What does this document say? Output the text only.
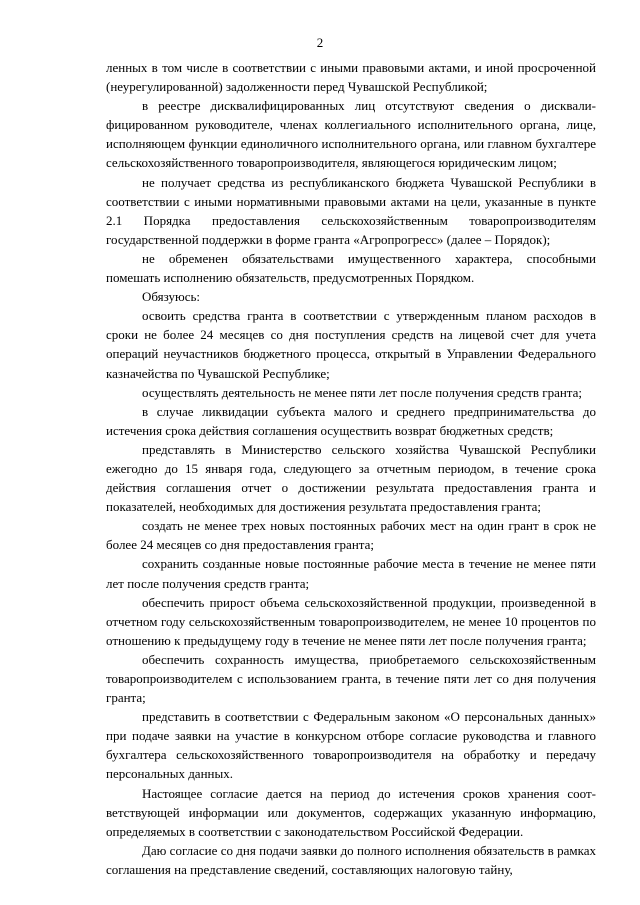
2

ленных в том числе в соответствии с иными правовыми актами, и иной просроченной (неурегулированной) задолженности перед Чувашской Республикой;

в реестре дисквалифицированных лиц отсутствуют сведения о дисквалифицированном руководителе, членах коллегиального исполнительного органа, лице, исполняющем функции единоличного исполнительного органа, или главном бухгалтере сельскохозяйственного товаропроизводителя, являющегося юридическим лицом;

не получает средства из республиканского бюджета Чувашской Республики в соответствии с иными нормативными правовыми актами на цели, указанные в пункте 2.1 Порядка предоставления сельскохозяйственным товаропроизводителям государственной поддержки в форме гранта «Агропрогресс» (далее – Порядок);

не обременен обязательствами имущественного характера, способными помешать исполнению обязательств, предусмотренных Порядком.

Обязуюсь:

освоить средства гранта в соответствии с утвержденным планом расходов в сроки не более 24 месяцев со дня поступления средств на лицевой счет для учета операций неучастников бюджетного процесса, открытый в Управлении Федерального казначейства по Чувашской Республике;

осуществлять деятельность не менее пяти лет после получения средств гранта;

в случае ликвидации субъекта малого и среднего предпринимательства до истечения срока действия соглашения осуществить возврат бюджетных средств;

представлять в Министерство сельского хозяйства Чувашской Республики ежегодно до 15 января года, следующего за отчетным периодом, в течение срока действия соглашения отчет о достижении результата предоставления гранта и показателей, необходимых для достижения результата предоставления гранта;

создать не менее трех новых постоянных рабочих мест на один грант в срок не более 24 месяцев со дня предоставления гранта;

сохранить созданные новые постоянные рабочие места в течение не менее пяти лет после получения средств гранта;

обеспечить прирост объема сельскохозяйственной продукции, произведенной в отчетном году сельскохозяйственным товаропроизводителем, не менее 10 процентов по отношению к предыдущему году в течение не менее пяти лет после получения гранта;

обеспечить сохранность имущества, приобретаемого сельскохозяйственным товаропроизводителем с использованием гранта, в течение пяти лет со дня получения гранта;

представить в соответствии с Федеральным законом «О персональных данных» при подаче заявки на участие в конкурсном отборе согласие руководства и главного бухгалтера сельскохозяйственного товаропроизводителя на обработку и передачу персональных данных.

Настоящее согласие дается на период до истечения сроков хранения соответствующей информации или документов, содержащих указанную информацию, определяемых в соответствии с законодательством Российской Федерации.

Даю согласие со дня подачи заявки до полного исполнения обязательств в рамках соглашения на представление сведений, составляющих налоговую тайну,
